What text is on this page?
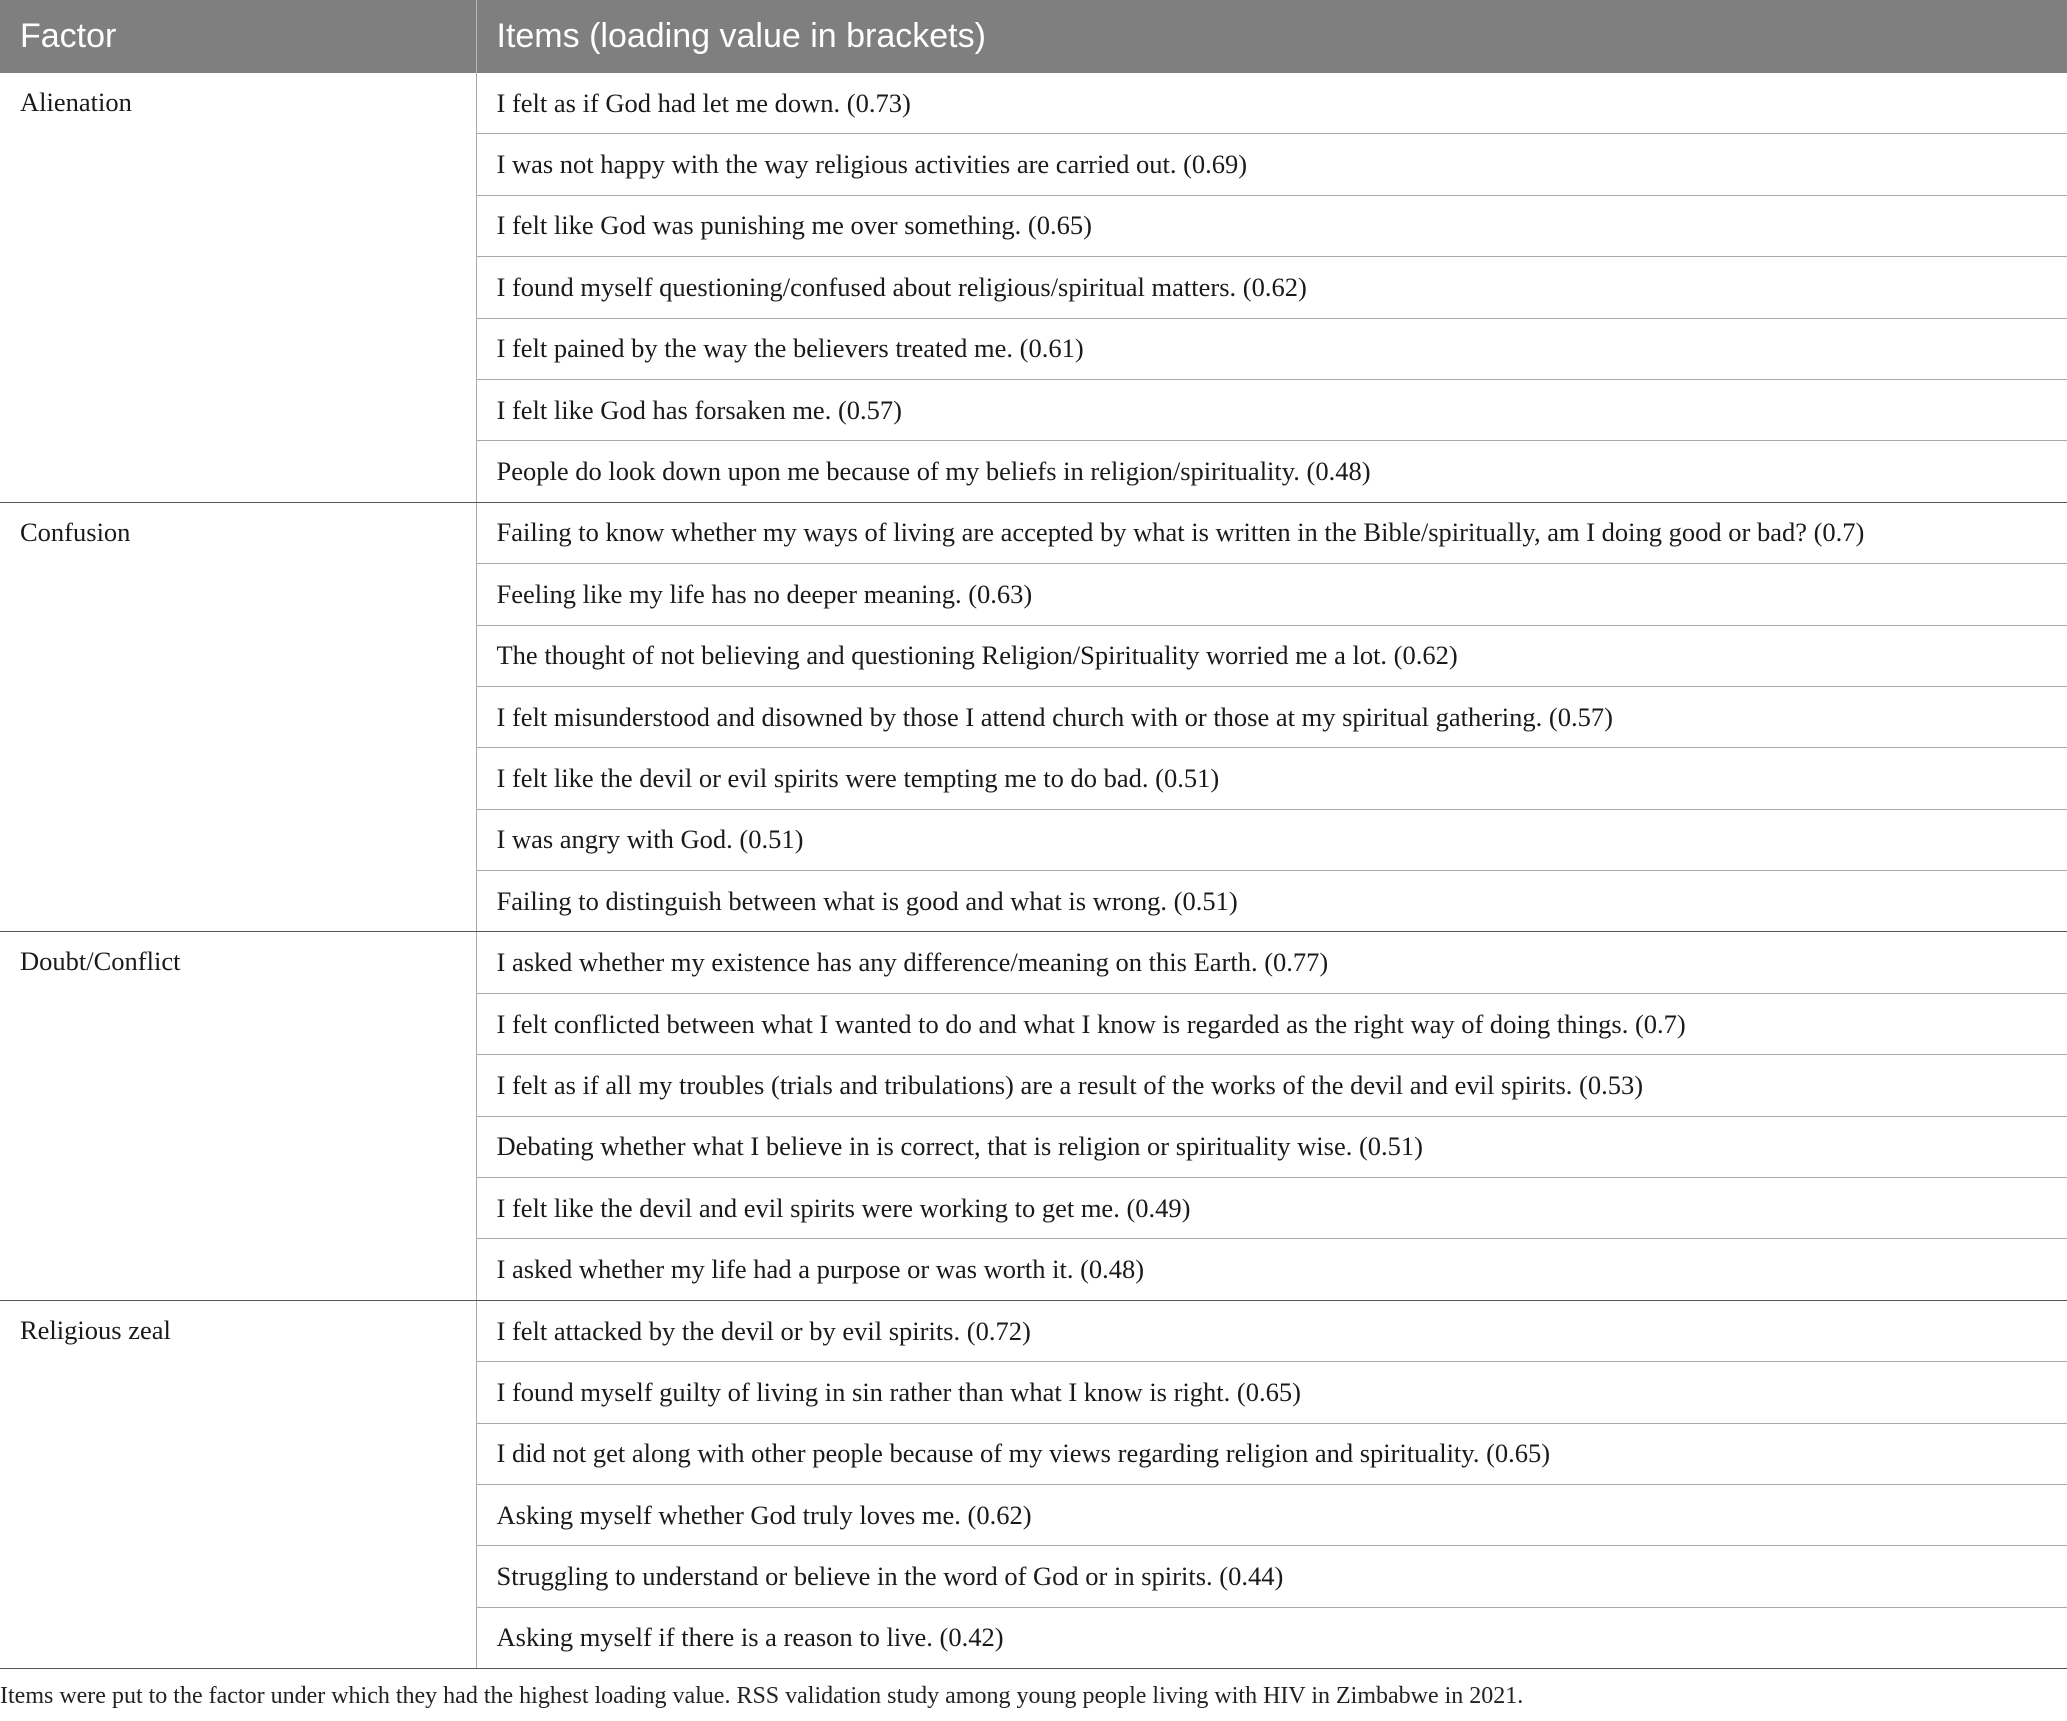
Factor	Items (loading value in brackets)
Alienation	I felt as if God had let me down. (0.73)
	I was not happy with the way religious activities are carried out. (0.69)
	I felt like God was punishing me over something. (0.65)
	I found myself questioning/confused about religious/spiritual matters. (0.62)
	I felt pained by the way the believers treated me. (0.61)
	I felt like God has forsaken me. (0.57)
	People do look down upon me because of my beliefs in religion/spirituality. (0.48)
Confusion	Failing to know whether my ways of living are accepted by what is written in the Bible/spiritually, am I doing good or bad? (0.7)
	Feeling like my life has no deeper meaning. (0.63)
	The thought of not believing and questioning Religion/Spirituality worried me a lot. (0.62)
	I felt misunderstood and disowned by those I attend church with or those at my spiritual gathering. (0.57)
	I felt like the devil or evil spirits were tempting me to do bad. (0.51)
	I was angry with God. (0.51)
	Failing to distinguish between what is good and what is wrong. (0.51)
Doubt/Conflict	I asked whether my existence has any difference/meaning on this Earth. (0.77)
	I felt conflicted between what I wanted to do and what I know is regarded as the right way of doing things. (0.7)
	I felt as if all my troubles (trials and tribulations) are a result of the works of the devil and evil spirits. (0.53)
	Debating whether what I believe in is correct, that is religion or spirituality wise. (0.51)
	I felt like the devil and evil spirits were working to get me. (0.49)
	I asked whether my life had a purpose or was worth it. (0.48)
Religious zeal	I felt attacked by the devil or by evil spirits. (0.72)
	I found myself guilty of living in sin rather than what I know is right. (0.65)
	I did not get along with other people because of my views regarding religion and spirituality. (0.65)
	Asking myself whether God truly loves me. (0.62)
	Struggling to understand or believe in the word of God or in spirits. (0.44)
	Asking myself if there is a reason to live. (0.42)
Items were put to the factor under which they had the highest loading value. RSS validation study among young people living with HIV in Zimbabwe in 2021.
